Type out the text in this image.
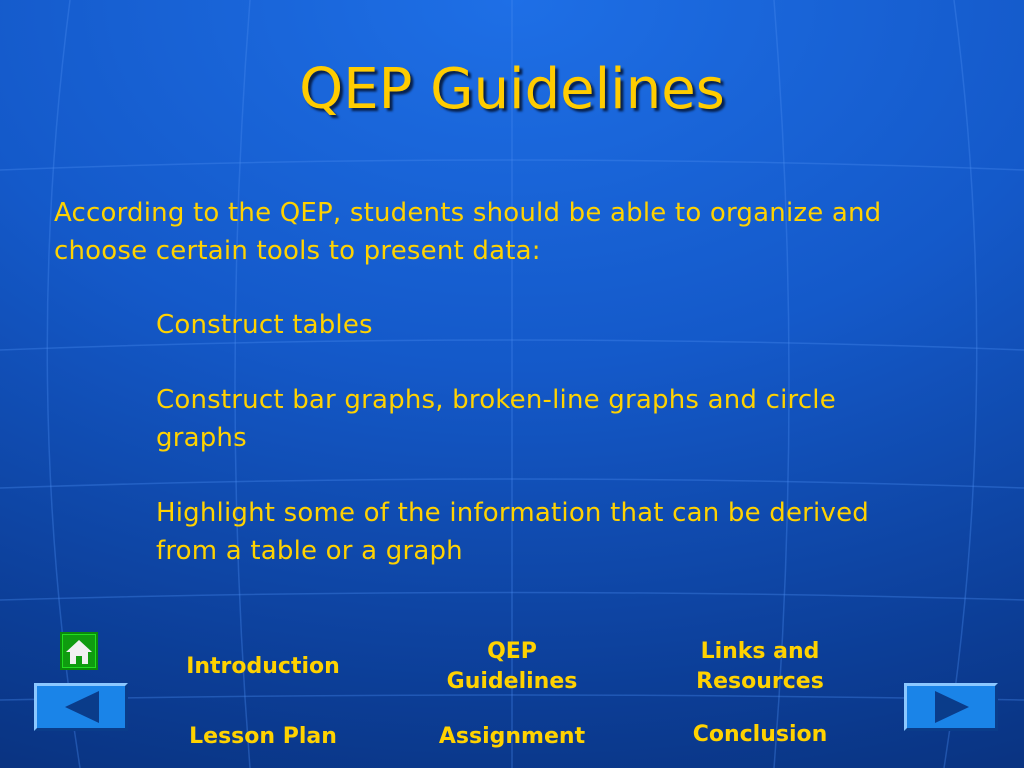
QEP Guidelines
According to the QEP, students should be able to organize and choose certain tools to present data:
Construct tables
Construct bar graphs, broken-line graphs and circle graphs
Highlight some of the information that can be derived from a table or a graph
Introduction
QEP
Guidelines
Links and
Resources
Lesson Plan	Assignment	Conclusion
